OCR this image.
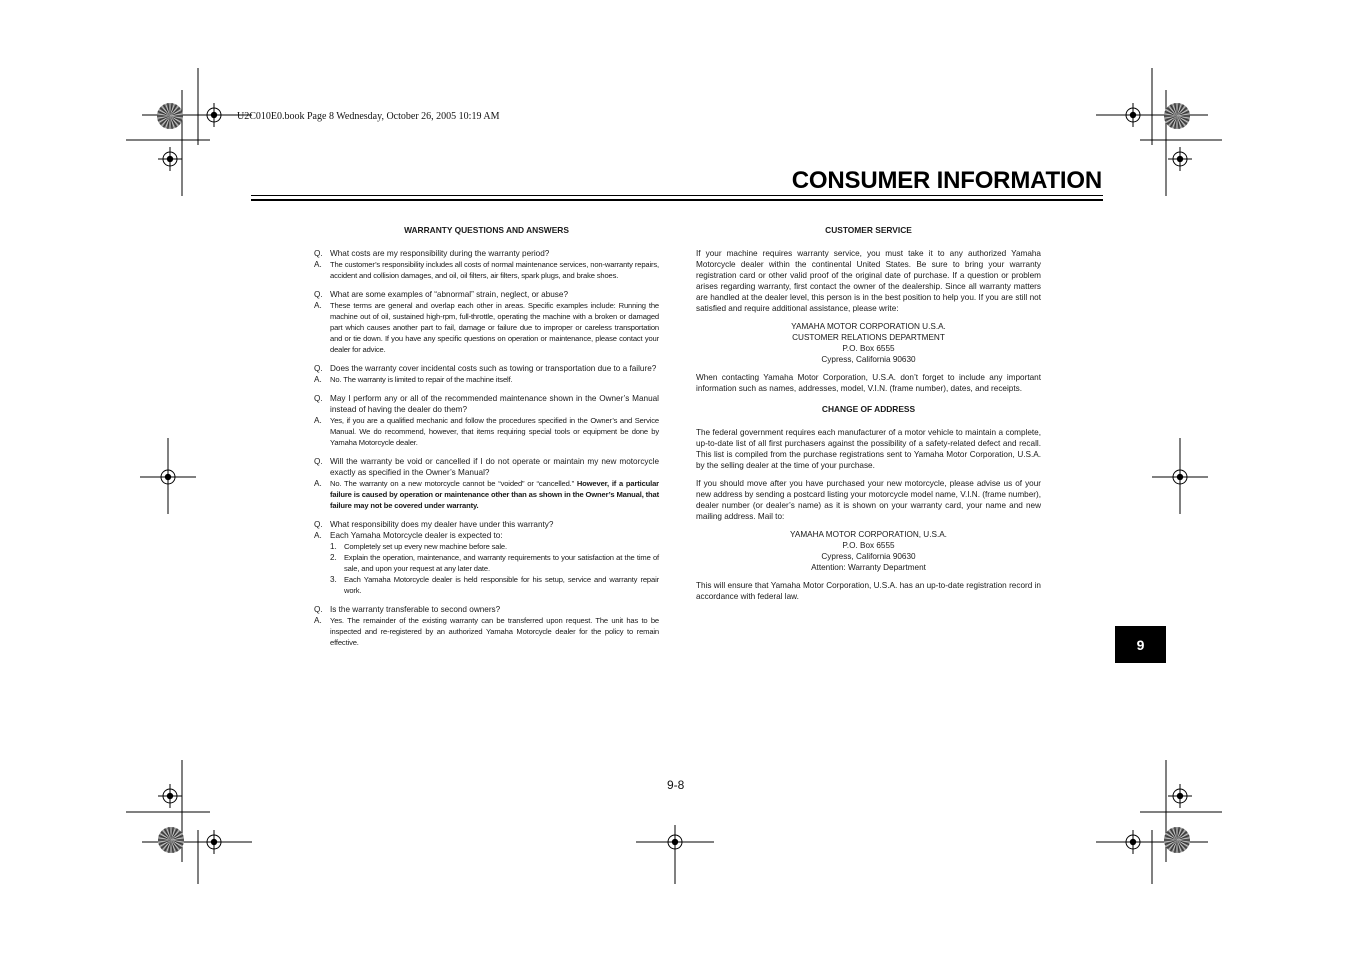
U2C010E0.book Page 8 Wednesday, October 26, 2005 10:19 AM
CONSUMER INFORMATION
WARRANTY QUESTIONS AND ANSWERS
Q. What costs are my responsibility during the warranty period?
A.	The customer’s responsibility includes all costs of normal maintenance services, non-warranty repairs, accident and collision damages, and oil, oil filters, air filters, spark plugs, and brake shoes.
Q. What are some examples of “abnormal” strain, neglect, or abuse?
A.	These terms are general and overlap each other in areas. Specific examples include: Running the machine out of oil, sustained high-rpm, full-throttle, operating the machine with a broken or damaged part which causes another part to fail, damage or failure due to improper or careless transportation and or tie down. If you have any specific questions on operation or maintenance, please contact your dealer for advice.
Q. Does the warranty cover incidental costs such as towing or transportation due to a failure?
A.	No. The warranty is limited to repair of the machine itself.
Q. May I perform any or all of the recommended maintenance shown in the Owner’s Manual instead of having the dealer do them?
A.	Yes, if you are a qualified mechanic and follow the procedures specified in the Owner’s and Service Manual. We do recommend, however, that items requiring special tools or equipment be done by Yamaha Motorcycle dealer.
Q. Will the warranty be void or cancelled if I do not operate or maintain my new motorcycle exactly as specified in the Owner’s Manual?
A.	No. The warranty on a new motorcycle cannot be “voided” or “cancelled.” However, if a particular failure is caused by operation or maintenance other than as shown in the Owner’s Manual, that failure may not be covered under warranty.
Q. What responsibility does my dealer have under this warranty?
A.	Each Yamaha Motorcycle dealer is expected to:
1. Completely set up every new machine before sale.
2. Explain the operation, maintenance, and warranty requirements to your satisfaction at the time of sale, and upon your request at any later date.
3. Each Yamaha Motorcycle dealer is held responsible for his setup, service and warranty repair work.
Q. Is the warranty transferable to second owners?
A.	Yes. The remainder of the existing warranty can be transferred upon request. The unit has to be inspected and re-registered by an authorized Yamaha Motorcycle dealer for the policy to remain effective.
CUSTOMER SERVICE
If your machine requires warranty service, you must take it to any authorized Yamaha Motorcycle dealer within the continental United States. Be sure to bring your warranty registration card or other valid proof of the original date of purchase. If a question or problem arises regarding warranty, first contact the owner of the dealership. Since all warranty matters are handled at the dealer level, this person is in the best position to help you. If you are still not satisfied and require additional assistance, please write:
YAMAHA MOTOR CORPORATION U.S.A.
CUSTOMER RELATIONS DEPARTMENT
P.O. Box 6555
Cypress, California 90630
When contacting Yamaha Motor Corporation, U.S.A. don’t forget to include any important information such as names, addresses, model, V.I.N. (frame number), dates, and receipts.
CHANGE OF ADDRESS
The federal government requires each manufacturer of a motor vehicle to maintain a complete, up-to-date list of all first purchasers against the possibility of a safety-related defect and recall. This list is compiled from the purchase registrations sent to Yamaha Motor Corporation, U.S.A. by the selling dealer at the time of your purchase.
If you should move after you have purchased your new motorcycle, please advise us of your new address by sending a postcard listing your motorcycle model name, V.I.N. (frame number), dealer number (or dealer’s name) as it is shown on your warranty card, your name and new mailing address. Mail to:
YAMAHA MOTOR CORPORATION, U.S.A.
P.O. Box 6555
Cypress, California 90630
Attention: Warranty Department
This will ensure that Yamaha Motor Corporation, U.S.A. has an up-to-date registration record in accordance with federal law.
9
9-8
